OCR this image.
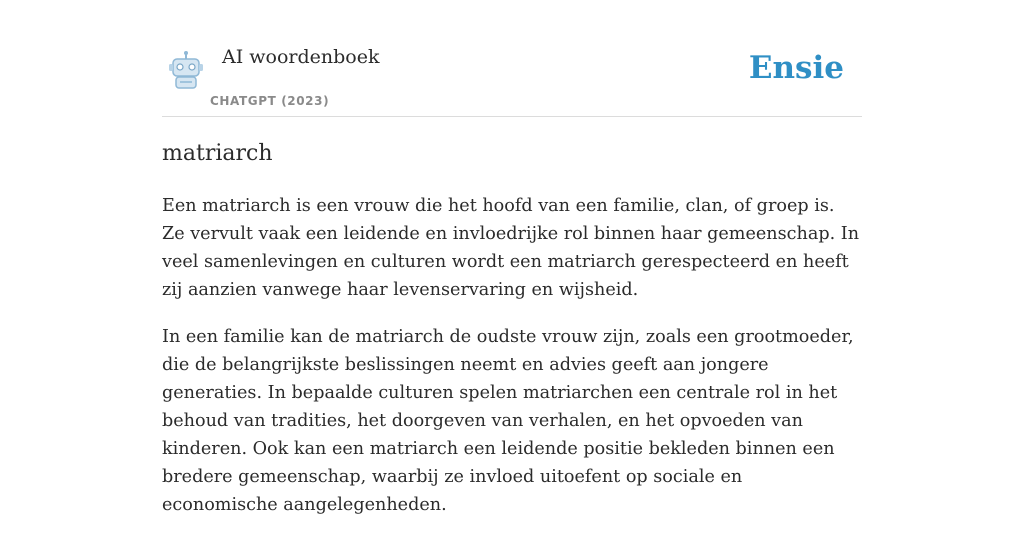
AI woordenboek
CHATGPT (2023)
Ensie
matriarch

Een matriarch is een vrouw die het hoofd van een familie, clan, of groep is. Ze vervult vaak een leidende en invloedrijke rol binnen haar gemeenschap. In veel samenlevingen en culturen wordt een matriarch gerespecteerd en heeft zij aanzien vanwege haar levenservaring en wijsheid.

In een familie kan de matriarch de oudste vrouw zijn, zoals een grootmoeder, die de belangrijkste beslissingen neemt en advies geeft aan jongere generaties. In bepaalde culturen spelen matriarchen een centrale rol in het behoud van tradities, het doorgeven van verhalen, en het opvoeden van kinderen. Ook kan een matriarch een leidende positie bekleden binnen een bredere gemeenschap, waarbij ze invloed uitoefent op sociale en economische aangelegenheden.
